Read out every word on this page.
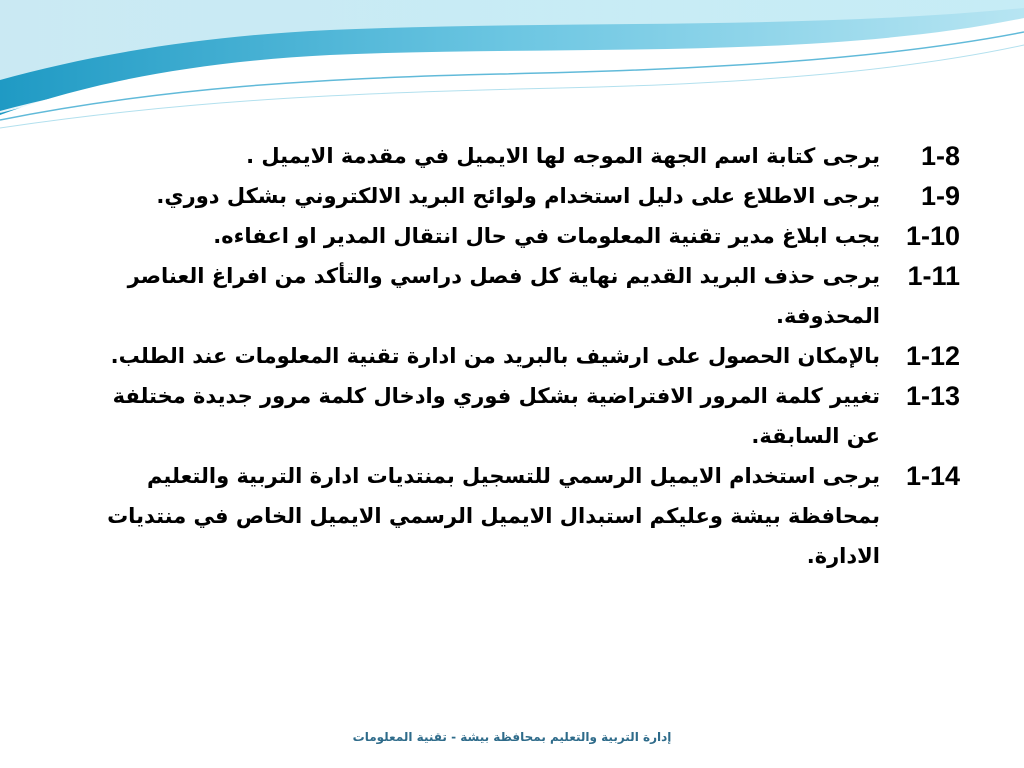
1-8
يرجى كتابة اسم الجهة الموجه لها الايميل في مقدمة الايميل .
1-9
يرجى الاطلاع على دليل استخدام ولوائح البريد الالكتروني بشكل دوري.
1-10
يجب ابلاغ مدير تقنية المعلومات في حال انتقال المدير او اعفاءه.
1-11
يرجى حذف البريد القديم نهاية كل فصل دراسي والتأكد من افراغ العناصر المحذوفة.
1-12
بالإمكان الحصول على ارشيف بالبريد من ادارة تقنية المعلومات عند الطلب.
1-13
تغيير كلمة المرور الافتراضية بشكل فوري وادخال كلمة مرور جديدة مختلفة عن السابقة.
1-14
يرجى استخدام الايميل الرسمي للتسجيل بمنتديات ادارة التربية والتعليم بمحافظة بيشة وعليكم استبدال الايميل الرسمي الايميل الخاص في منتديات الادارة.
إدارة التربية والتعليم بمحافظة بيشة - تقنية المعلومات
